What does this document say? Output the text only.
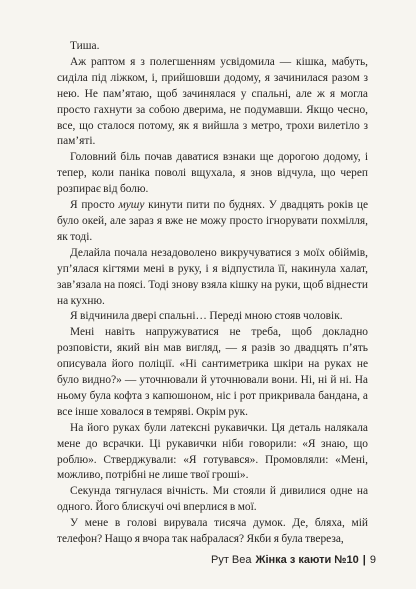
Тиша.

Аж раптом я з полегшенням усвідомила — кішка, мабуть, сиділа під ліжком, і, прийшовши додому, я зачинилася разом з нею. Не пам’ятаю, щоб зачинялася у спальні, але ж я могла просто гахнути за собою дверима, не подумавши. Якщо чесно, все, що сталося потому, як я вийшла з метро, трохи вилетіло з пам’яті.

Головний біль почав даватися взнаки ще дорогою додому, і тепер, коли паніка поволі вщухала, я знов відчула, що череп розпирає від болю.

Я просто мушу кинути пити по буднях. У двадцять років це було окей, але зараз я вже не можу просто ігнорувати похмілля, як тоді.

Делайла почала незадоволено викручуватися з моїх обіймів, уп’ялася кігтями мені в руку, і я відпустила її, накинула халат, зав’язала на поясі. Тоді знову взяла кішку на руки, щоб віднести на кухню.

Я відчинила двері спальні… Переді мною стояв чоловік.

Мені навіть напружуватися не треба, щоб докладно розповісти, який він мав вигляд, — я разів зо двадцять п’ять описувала його поліції. «Ні сантиметрика шкіри на руках не було видно?» — уточнювали й уточнювали вони. Ні, ні й ні. На ньому була кофта з капюшоном, ніс і рот прикривала бандана, а все інше ховалося в темряві. Окрім рук.

На його руках були латексні рукавички. Ця деталь налякала мене до всрачки. Ці рукавички ніби говорили: «Я знаю, що роблю». Стверджували: «Я готувався». Промовляли: «Мені, можливо, потрібні не лише твої гроші».

Секунда тягнулася вічність. Ми стояли й дивилися одне на одного. Його блискучі очі вперлися в мої.

У мене в голові вирувала тисяча думок. Де, бляха, мій телефон? Нащо я вчора так набралася? Якби я була твереза,

Рут Веа Жінка з каюти №10 | 9
